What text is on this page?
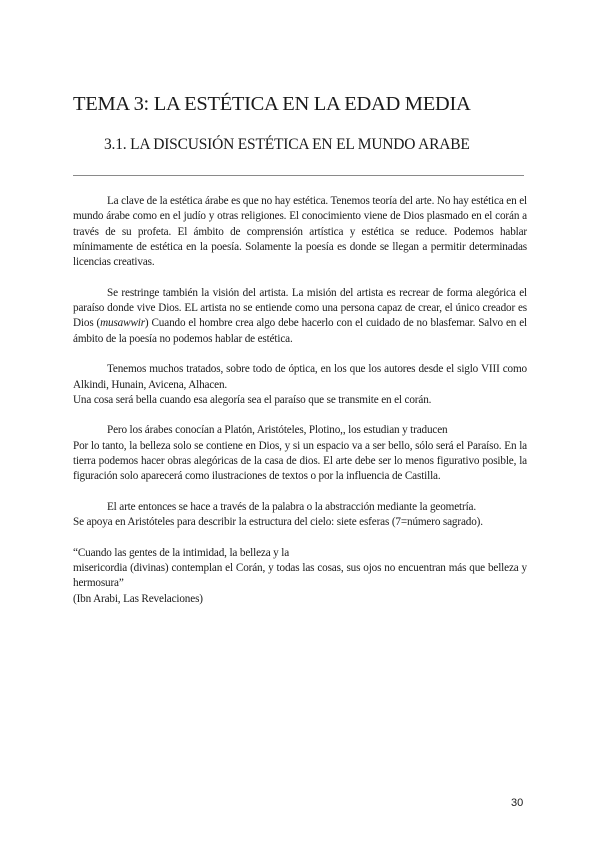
TEMA 3: LA ESTÉTICA EN LA EDAD MEDIA
3.1. LA DISCUSIÓN ESTÉTICA EN EL MUNDO ARABE

La clave de la estética árabe es que no hay estética. Tenemos teoría del arte. No hay estética en el mundo árabe como en el judío y otras religiones. El conocimiento viene de Dios plasmado en el corán a través de su profeta. El ámbito de comprensión artística y estética se reduce. Podemos hablar mínimamente de estética en la poesía. Solamente la poesía es donde se llegan a permitir determinadas licencias creativas.

Se restringe también la visión del artista. La misión del artista es recrear de forma alegórica el paraíso donde vive Dios. EL artista no se entiende como una persona capaz de crear, el único creador es Dios (musawwir) Cuando el hombre crea algo debe hacerlo con el cuidado de no blasfemar. Salvo en el ámbito de la poesía no podemos hablar de estética.

Tenemos muchos tratados, sobre todo de óptica, en los que los autores desde el siglo VIII como Alkindi, Hunain, Avicena, Alhacen.

Una cosa será bella cuando esa alegoría sea el paraíso que se transmite en el corán.

Pero los árabes conocían a Platón, Aristóteles, Plotino,, los estudian y traducen

Por lo tanto, la belleza solo se contiene en Dios, y si un espacio va a ser bello, sólo será el Paraíso. En la tierra podemos hacer obras alegóricas de la casa de dios. El arte debe ser lo menos figurativo posible, la figuración solo aparecerá como ilustraciones de textos o por la influencia de Castilla.

El arte entonces se hace a través de la palabra o la abstracción mediante la geometría.

Se apoya en Aristóteles para describir la estructura del cielo: siete esferas (7=número sagrado).

“Cuando las gentes de la intimidad, la belleza y la

misericordia (divinas) contemplan el Corán, y todas las cosas, sus ojos no encuentran más que belleza y hermosura”

(Ibn Arabi, Las Revelaciones)

30
